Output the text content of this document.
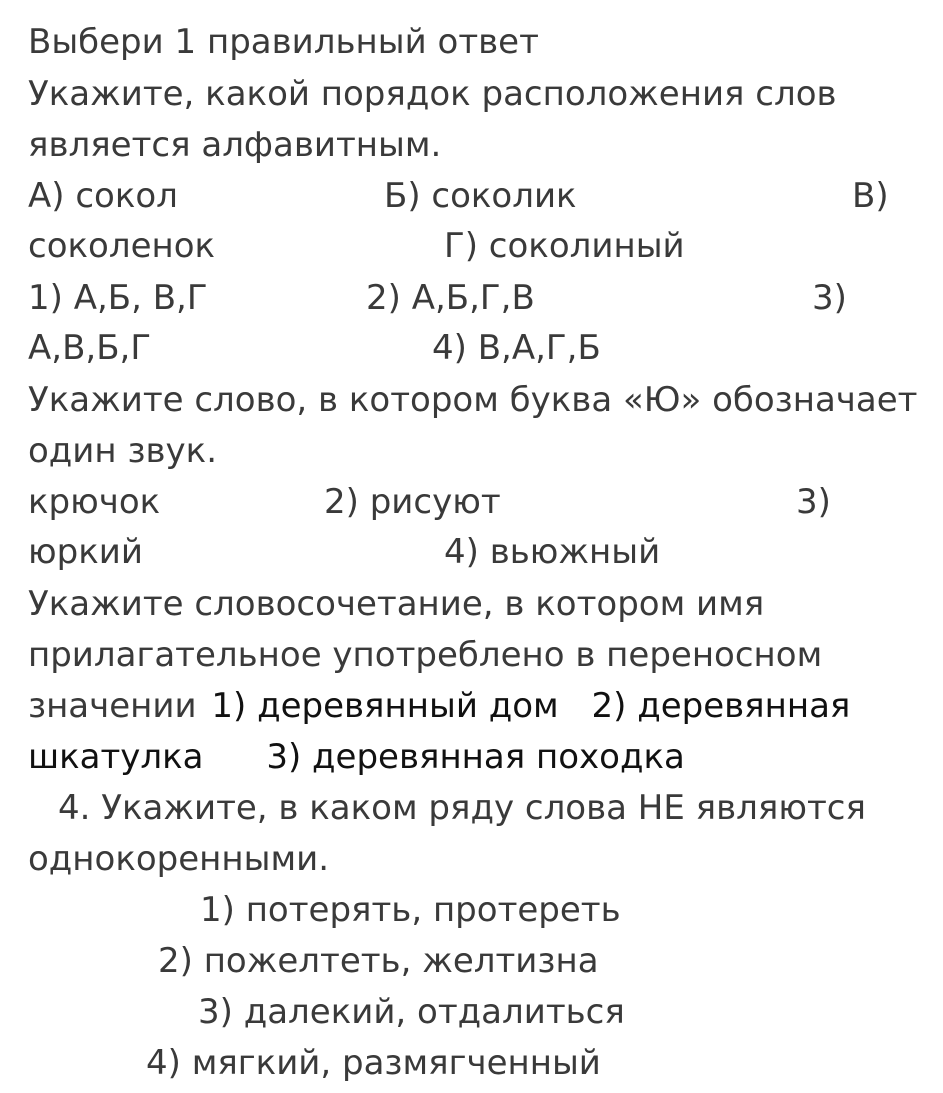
Выбери 1 правильный ответ
Укажите, какой порядок расположения слов
является алфавитным.
А) сокол	Б) соколик	В)
соколенок	Г) соколиный
1) А,Б, В,Г	2) А,Б,Г,В	3)
А,В,Б,Г	4) В,А,Г,Б
Укажите слово, в котором буква «Ю» обозначает
один звук.
крючок	2) рисуют	3)
юркий	4) вьюжный
Укажите словосочетание, в котором имя
прилагательное употреблено в переносном
значении 1) деревянный дом 2) деревянная
шкатулка 3) деревянная походка
4. Укажите, в каком ряду слова НЕ являются
однокоренными.
1) потерять, протереть
2) пожелтеть, желтизна
3) далекий, отдалиться
4) мягкий, размягченный
